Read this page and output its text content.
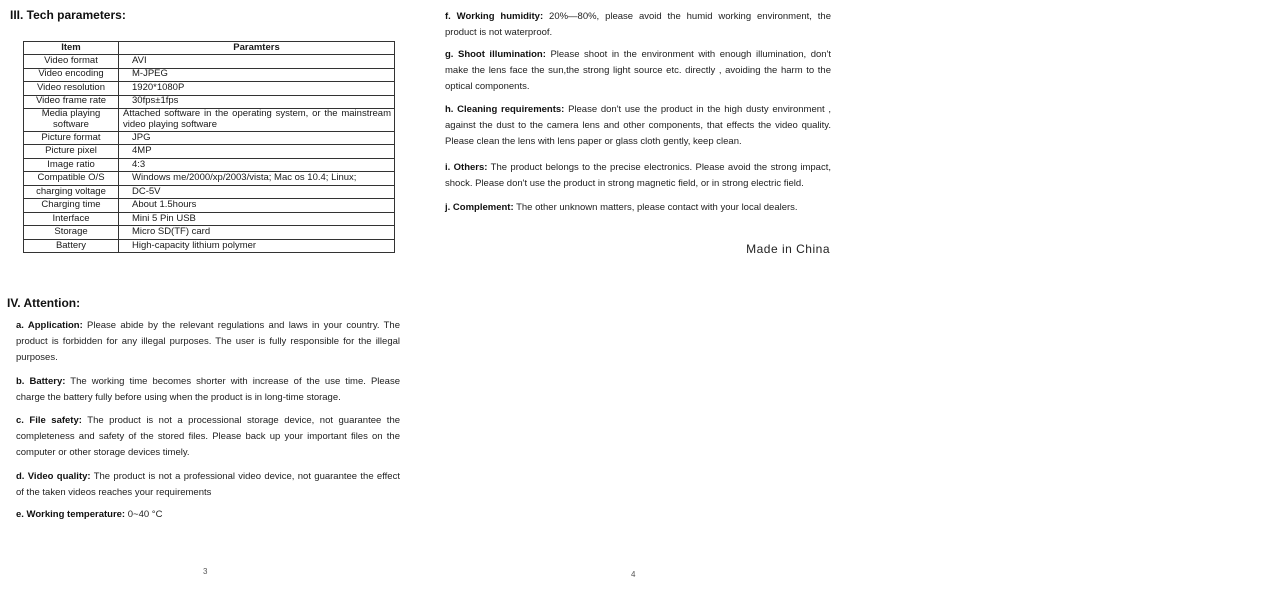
III. Tech parameters:
Item	Paramters
Video format	AVI
Video encoding	M-JPEG
Video resolution	1920*1080P
Video frame rate	30fps±1fps
Media playing software	Attached software in the operating system, or the mainstream video playing software
Picture format	JPG
Picture pixel	4MP
Image ratio	4:3
Compatible O/S	Windows me/2000/xp/2003/vista; Mac os 10.4; Linux;
charging voltage	DC-5V
Charging time	About 1.5hours
Interface	Mini 5 Pin USB
Storage	Micro SD(TF) card
Battery	High-capacity lithium polymer
IV. Attention:
a. Application: Please abide by the relevant regulations and laws in your country. The product is forbidden for any illegal purposes. The user is fully responsible for the illegal purposes.
b. Battery: The working time becomes shorter with increase of the use time. Please charge the battery fully before using when the product is in long-time storage.
c. File safety: The product is not a processional storage device, not guarantee the completeness and safety of the stored files. Please back up your important files on the computer or other storage devices timely.
d. Video quality: The product is not a professional video device, not guarantee the effect of the taken videos reaches your requirements
e. Working temperature: 0~40 °C
3
f. Working humidity: 20%—80%, please avoid the humid working environment, the product is not waterproof.
g. Shoot illumination: Please shoot in the environment with enough illumination, don't make the lens face the sun,the strong light source etc. directly , avoiding the harm to the optical components.
h. Cleaning requirements: Please don't use the product in the high dusty environment , against the dust to the camera lens and other components, that effects the video quality. Please clean the lens with lens paper or glass cloth gently, keep clean.
i. Others: The product belongs to the precise electronics. Please avoid the strong impact, shock. Please don't use the product in strong magnetic field, or in strong electric field.
j. Complement: The other unknown matters, please contact with your local dealers.
Made in China
4
